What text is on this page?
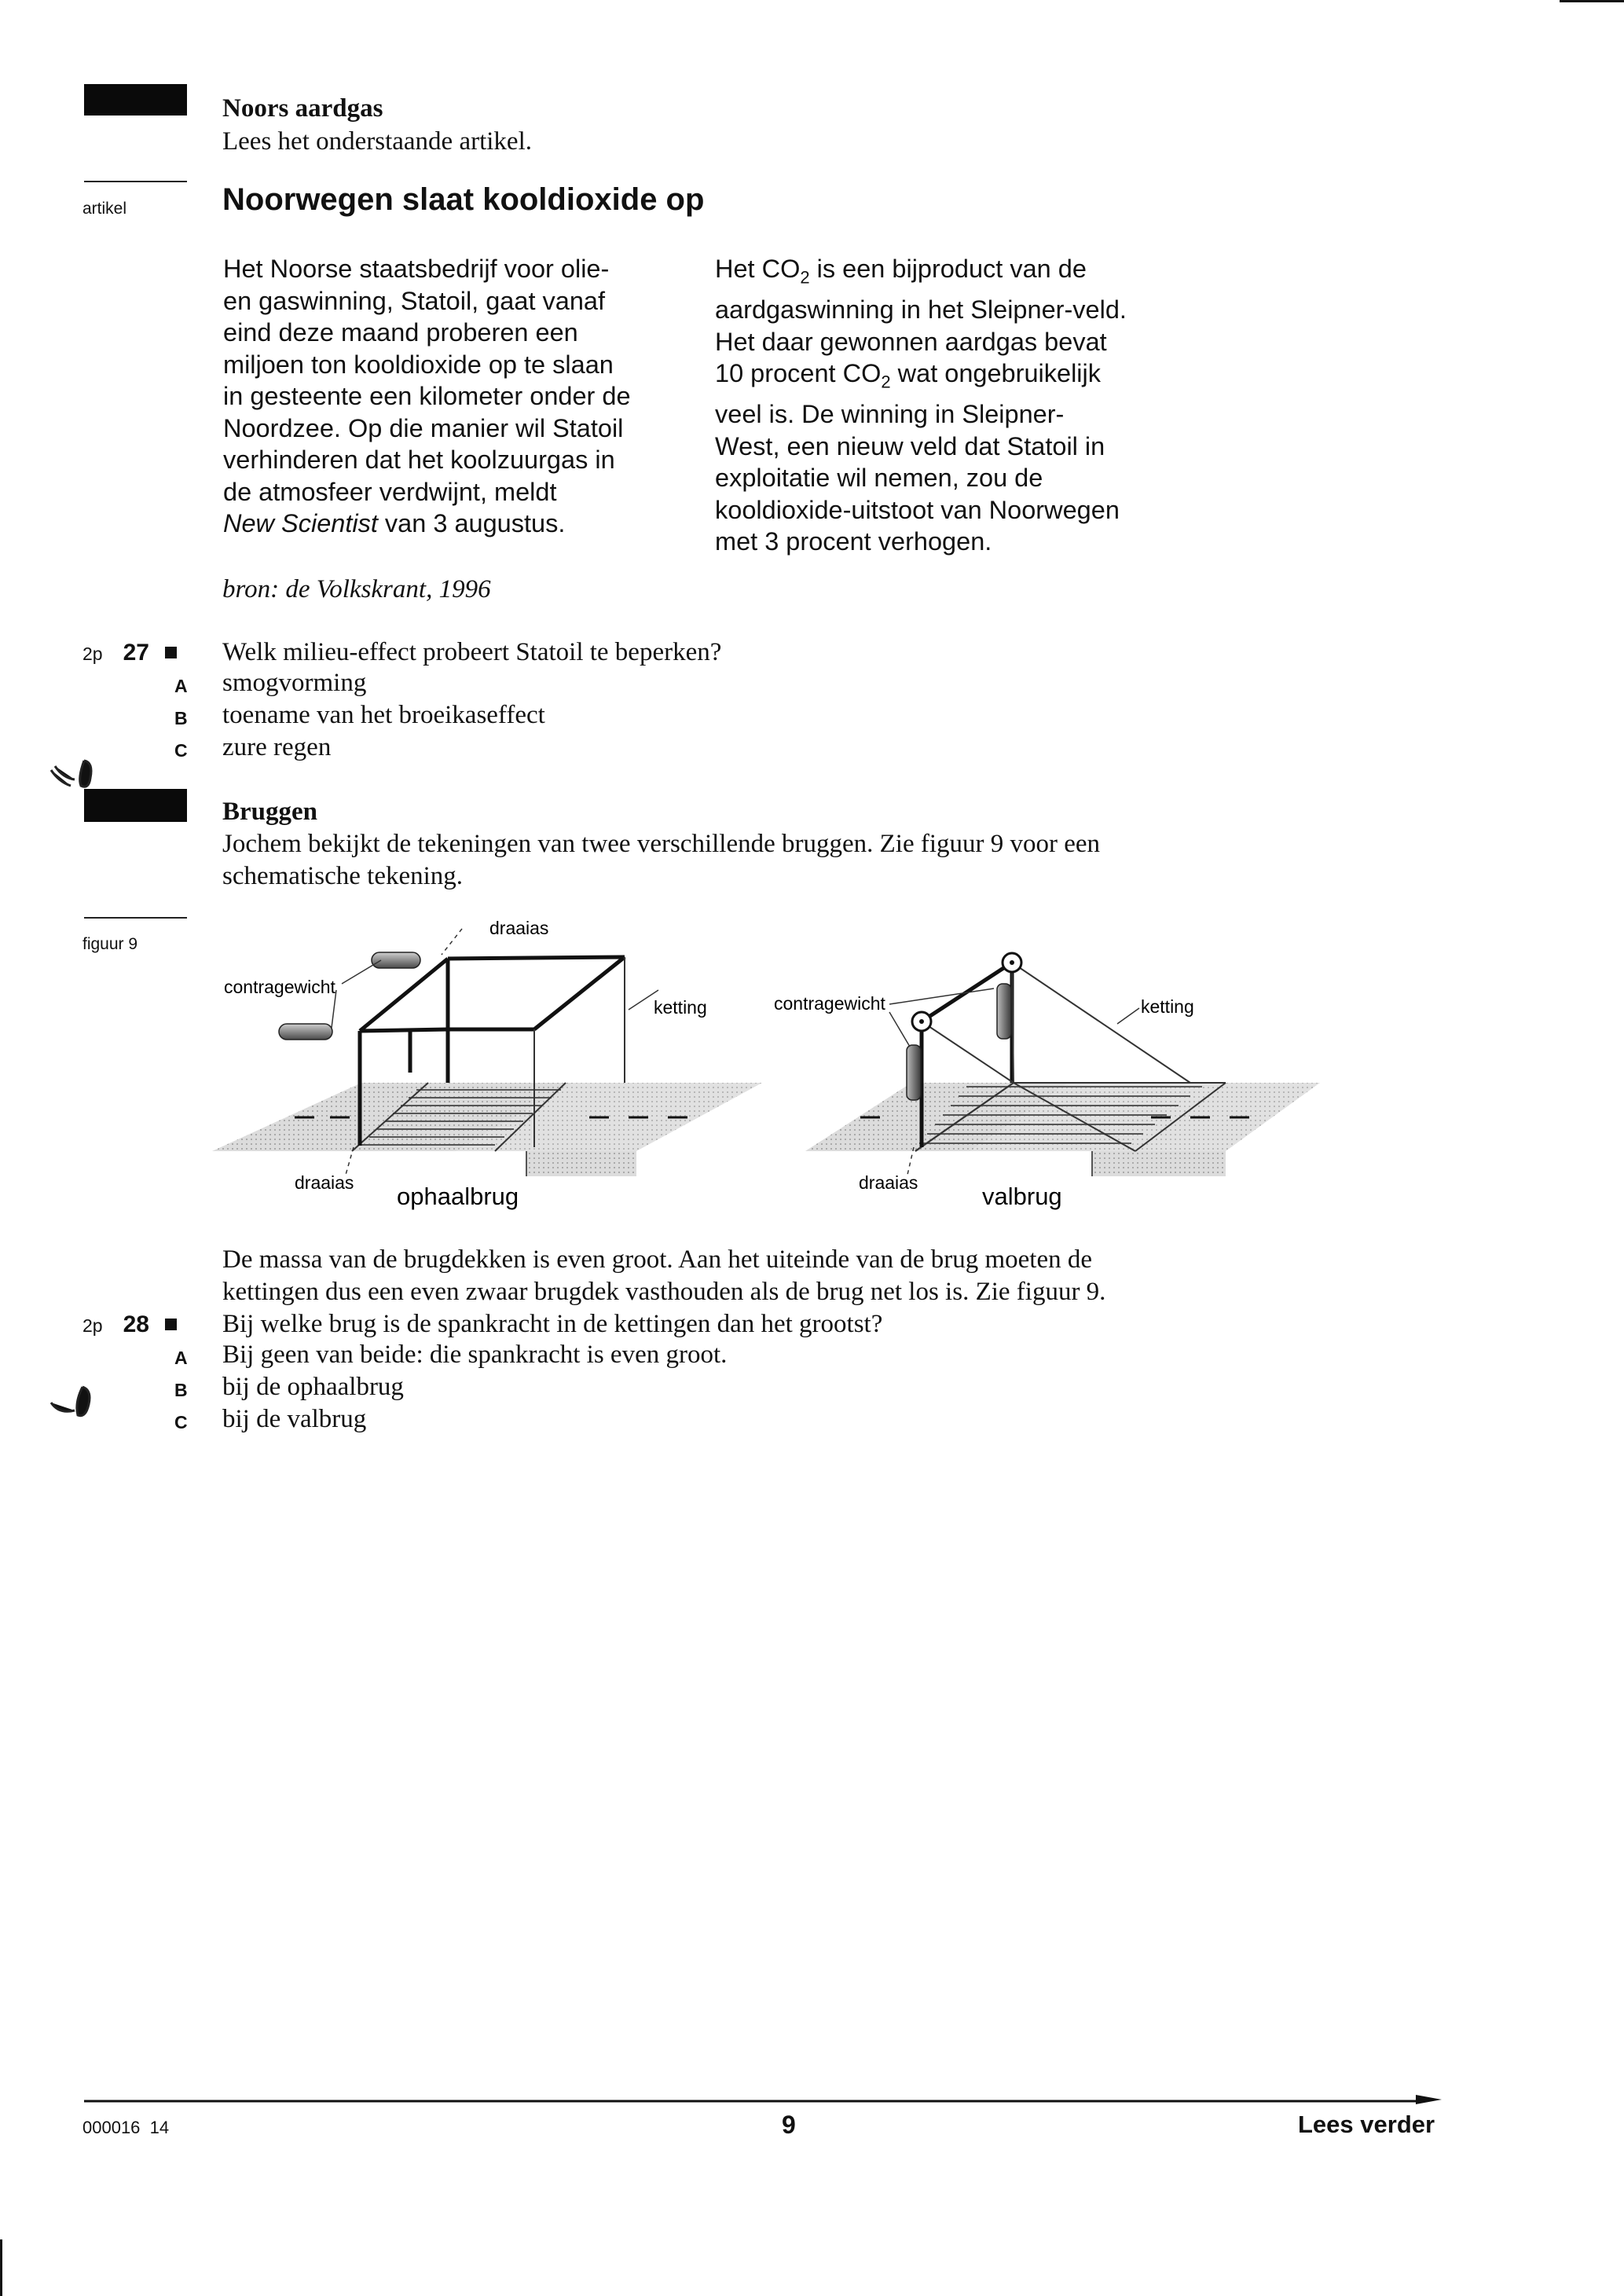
Noors aardgas
Lees het onderstaande artikel.
artikel	Noorwegen slaat kooldioxide op

Het Noorse staatsbedrijf voor olie-

en gaswinning, Statoil, gaat vanaf

eind deze maand proberen een

miljoen ton kooldioxide op te slaan

in gesteente een kilometer onder de

Noordzee. Op die manier wil Statoil

verhinderen dat het koolzuurgas in

de atmosfeer verdwijnt, meldt

New Scientist van 3 augustus.

Het $CO_2$ is een bijproduct van de

aardgaswinning in het Sleipner-veld.

Het daar gewonnen aardgas bevat

10 procent $CO_2$ wat ongebruikelijk

veel is. De winning in Sleipner-

West, een nieuw veld dat Statoil in

exploitatie wil nemen, zou de

kooldioxide-uitstoot van Noorwegen

met 3 procent verhogen.

bron: de Volkskrant, 1996
2p 27	Welk milieu-effect probeert Statoil te beperken?
A smogvorming
B toename van het broeikaseffect
C zure regen
Bruggen
Jochem bekijkt de tekeningen van twee verschillende bruggen. Zie figuur 9 voor een
schematische tekening.
figuur 9
draaias
contragewicht
ketting
draaias ophaalbrug
contragewicht	ketting
draaias	valbrug
De massa van de brugdekken is even groot. Aan het uiteinde van de brug moeten de
kettingen dus een even zwaar brugdek vasthouden als de brug net los is. Zie figuur 9.
2p 28	Bij welke brug is de spankracht in de kettingen dan het grootst?
A Bij geen van beide: die spankracht is even groot.
B bij de ophaalbrug
C bij de valbrug
000016  14	9	Lees verder
